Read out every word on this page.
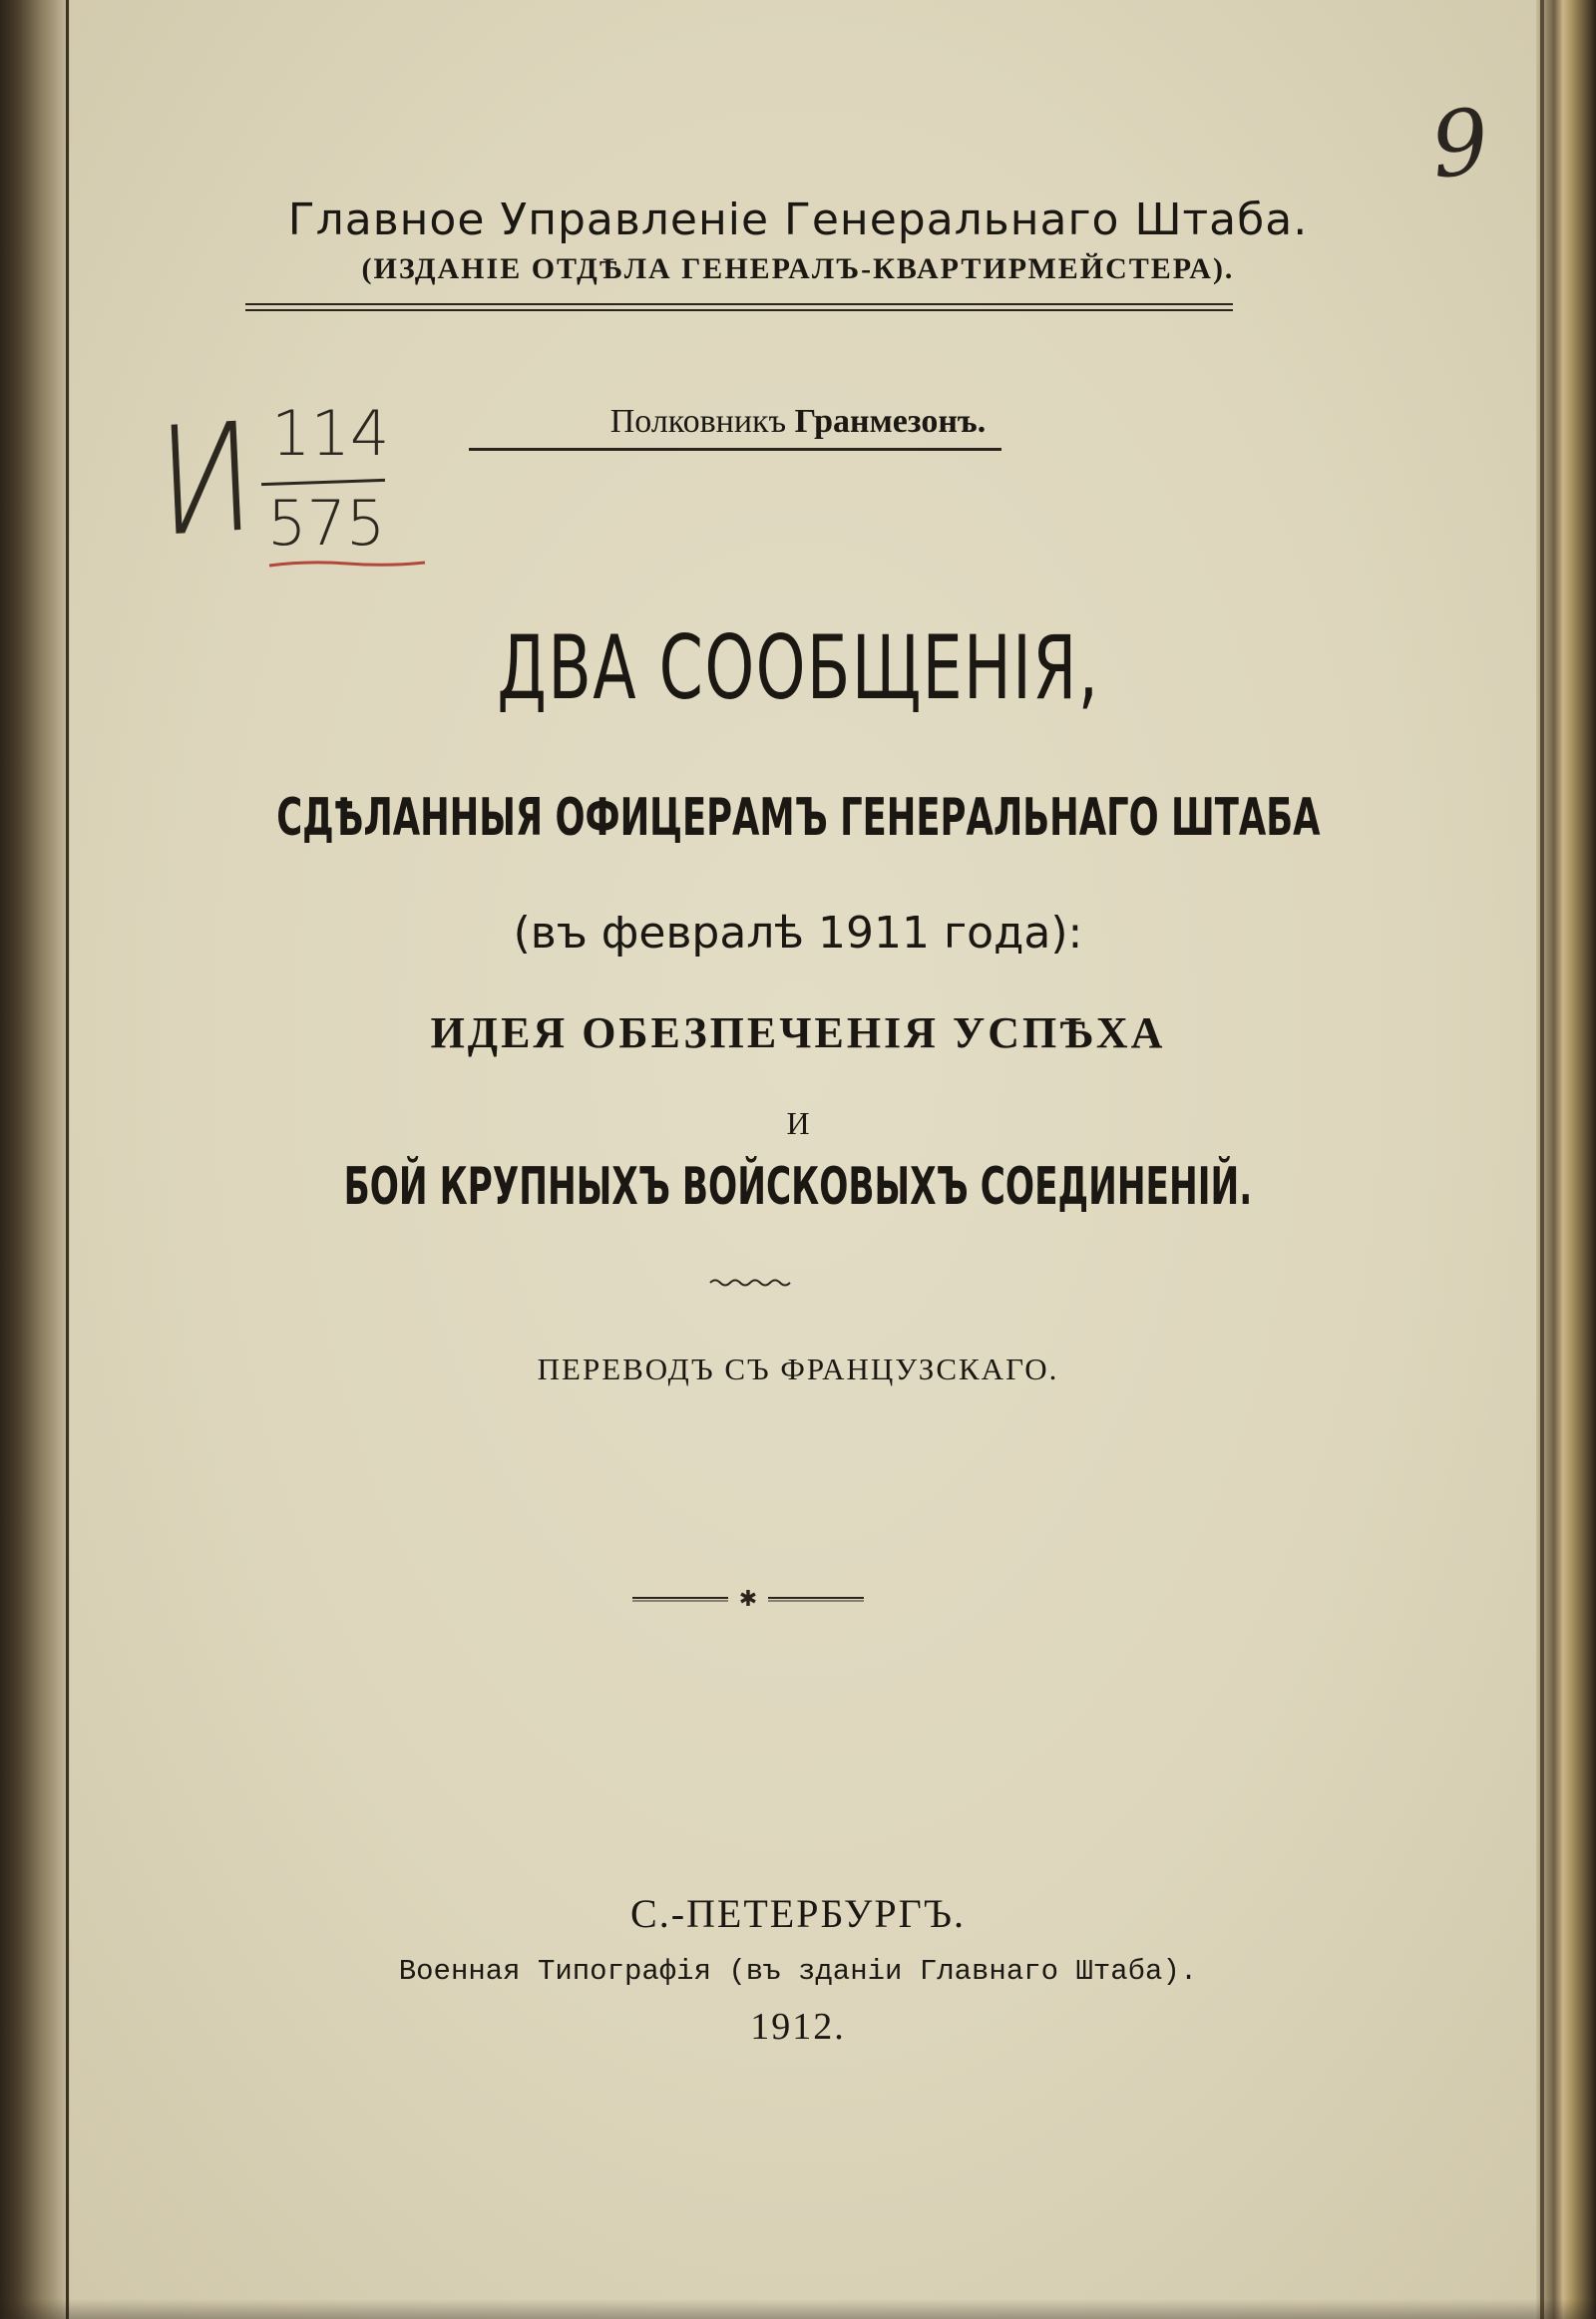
9
И 114
575
Главное Управленіе Генеральнаго Штаба.
(ИЗДАНІЕ ОТДѢЛА ГЕНЕРАЛЪ-КВАРТИРМЕЙСТЕРА).
Полковникъ Гранмезонъ.
ДВА СООБЩЕНІЯ,
СДѢЛАННЫЯ ОФИЦЕРАМЪ ГЕНЕРАЛЬНАГО ШТАБА
(въ февралѣ 1911 года):
ИДЕЯ ОБЕЗПЕЧЕНІЯ УСПѢХА
И
БОЙ КРУПНЫХЪ ВОЙСКОВЫХЪ СОЕДИНЕНІЙ.
ПЕРЕВОДЪ СЪ ФРАНЦУЗСКАГО.
✱
С.-ПЕТЕРБУРГЪ.
Военная Типографія (въ зданіи Главнаго Штаба).
1912.
